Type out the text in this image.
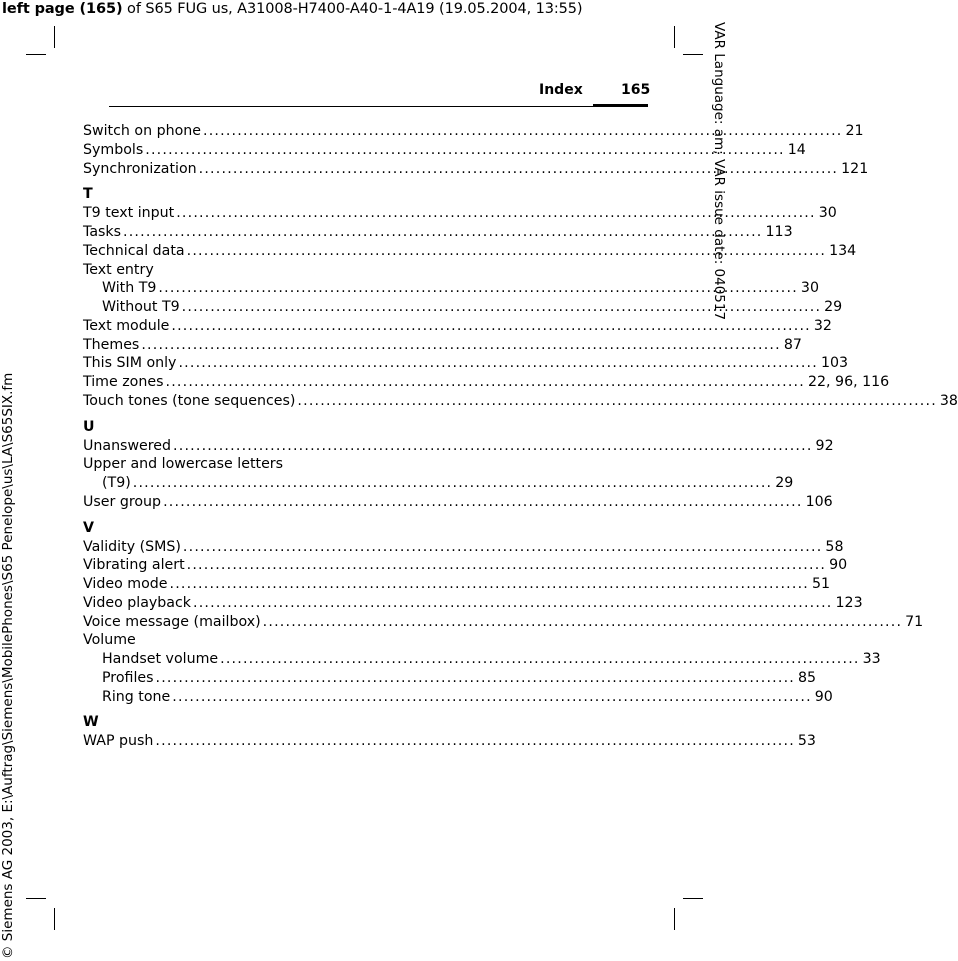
left page (165) of S65 FUG us, A31008-H7400-A40-1-4A19 (19.05.2004, 13:55)
VAR Language: am; VAR issue date: 040517
© Siemens AG 2003, E:\Auftrag\Siemens\MobilePhones\S65 Penelope\us\LA\S65SIX.fm
Index	165
Switch on phone .....	21
Symbols .....	14
Synchronization .....	121
T
T9 text input .....	30
Tasks .....	113
Technical data .....	134
Text entry
With T9 .....	30
Without T9 .....	29
Text module .....	32
Themes .....	87
This SIM only .....	103
Time zones .....	22, 96, 116
Touch tones (tone sequences) .....	38
U
Unanswered .....	92
Upper and lowercase letters
(T9) .....	29
User group .....	106
V
Validity (SMS) .....	58
Vibrating alert .....	90
Video mode .....	51
Video playback .....	123
Voice message (mailbox) .....	71
Volume
Handset volume .....	33
Profiles .....	85
Ring tone .....	90
W
WAP push .....	53
